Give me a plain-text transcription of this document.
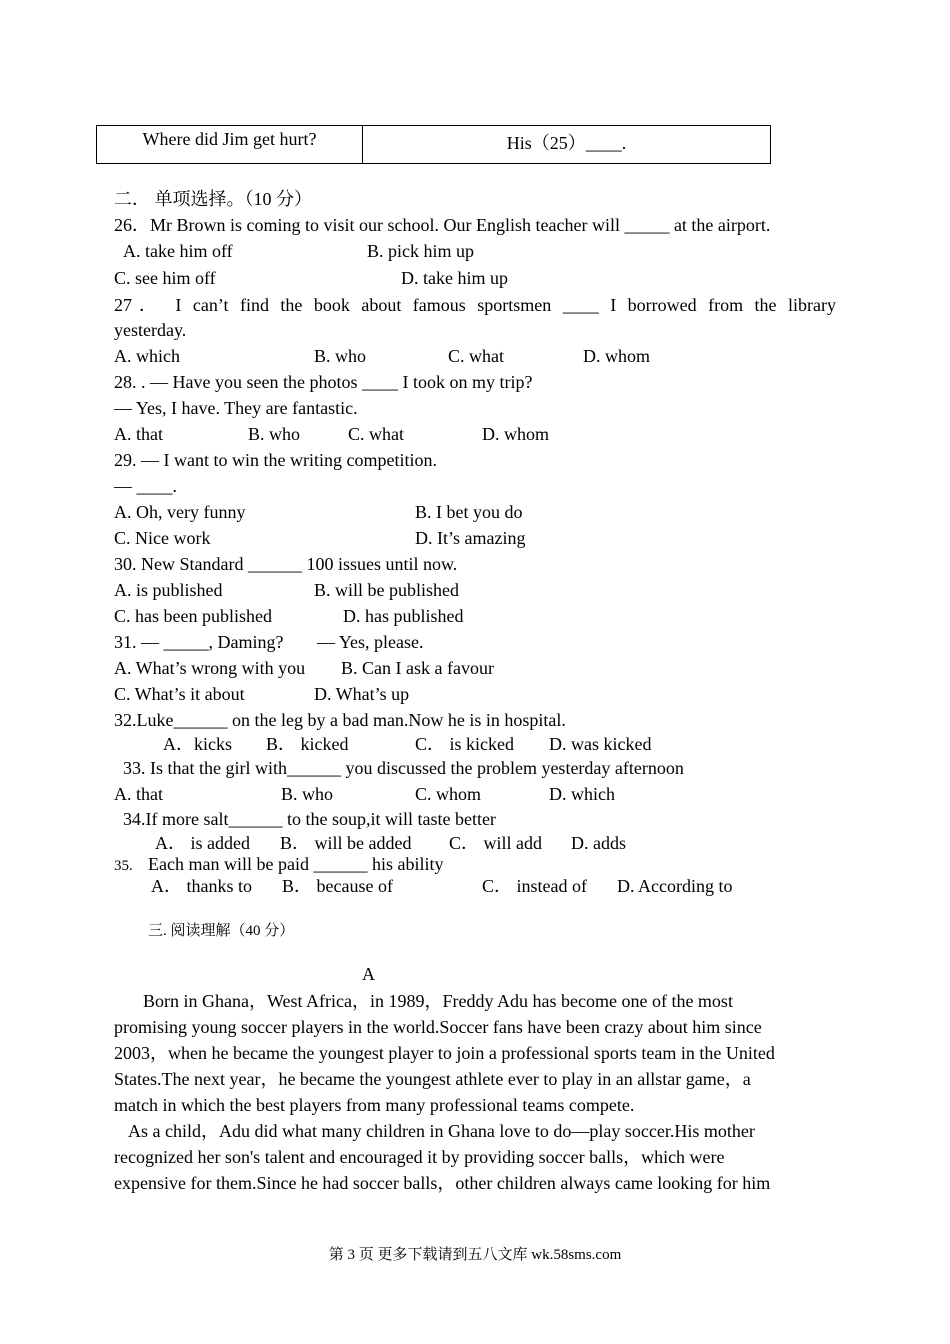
Where did Jim get hurt?	His（25）____.
二． 单项选择。（10 分）
26．Mr Brown is coming to visit our school. Our English teacher will _____ at the airport.
A. take him off	B. pick him up
C. see him off	D. take him up
27． I can’t find the book about famous sportsmen ____ I borrowed from the library
yesterday.
A. which	B. who	C. what	D. whom
28. . — Have you seen the photos ____ I took on my trip?
— Yes, I have. They are fantastic.
A. that	B. who	C. what	D. whom
29. — I want to win the writing competition.
— ____.
A. Oh, very funny	B. I bet you do
C. Nice work	D. It’s amazing
30. New Standard ______ 100 issues until now.
A. is published	B. will be published
C. has been published	D. has published
31. — _____, Daming? — Yes, please.
A. What’s wrong with you B. Can I ask a favour
C. What’s it about	D. What’s up
32.Luke______ on the leg by a bad man.Now he is in hospital.
A．kicks B． kicked	C． is kicked D. was kicked
33. Is that the girl with______ you discussed the problem yesterday afternoon
A. that	B. who	C. whom	D. which
34.If more salt______ to the soup,it will taste better
A． is added B． will be added C． will add D. adds
35. Each man will be paid ______ his ability
A． thanks to B． because of	C． instead of D. According to
三. 阅读理解（40 分）
A
Born in Ghana，West Africa，in 1989，Freddy Adu has become one of the most
promising young soccer players in the world.Soccer fans have been crazy about him since
2003，when he became the youngest player to join a professional sports team in the United
States.The next year，he became the youngest athlete ever to play in an allstar game，a
match in which the best players from many professional teams compete.
As a child，Adu did what many children in Ghana love to do—play soccer.His mother
recognized her son's talent and encouraged it by providing soccer balls，which were
expensive for them.Since he had soccer balls，other children always came looking for him
第 3 页 更多下载请到五八文库 wk.58sms.com
